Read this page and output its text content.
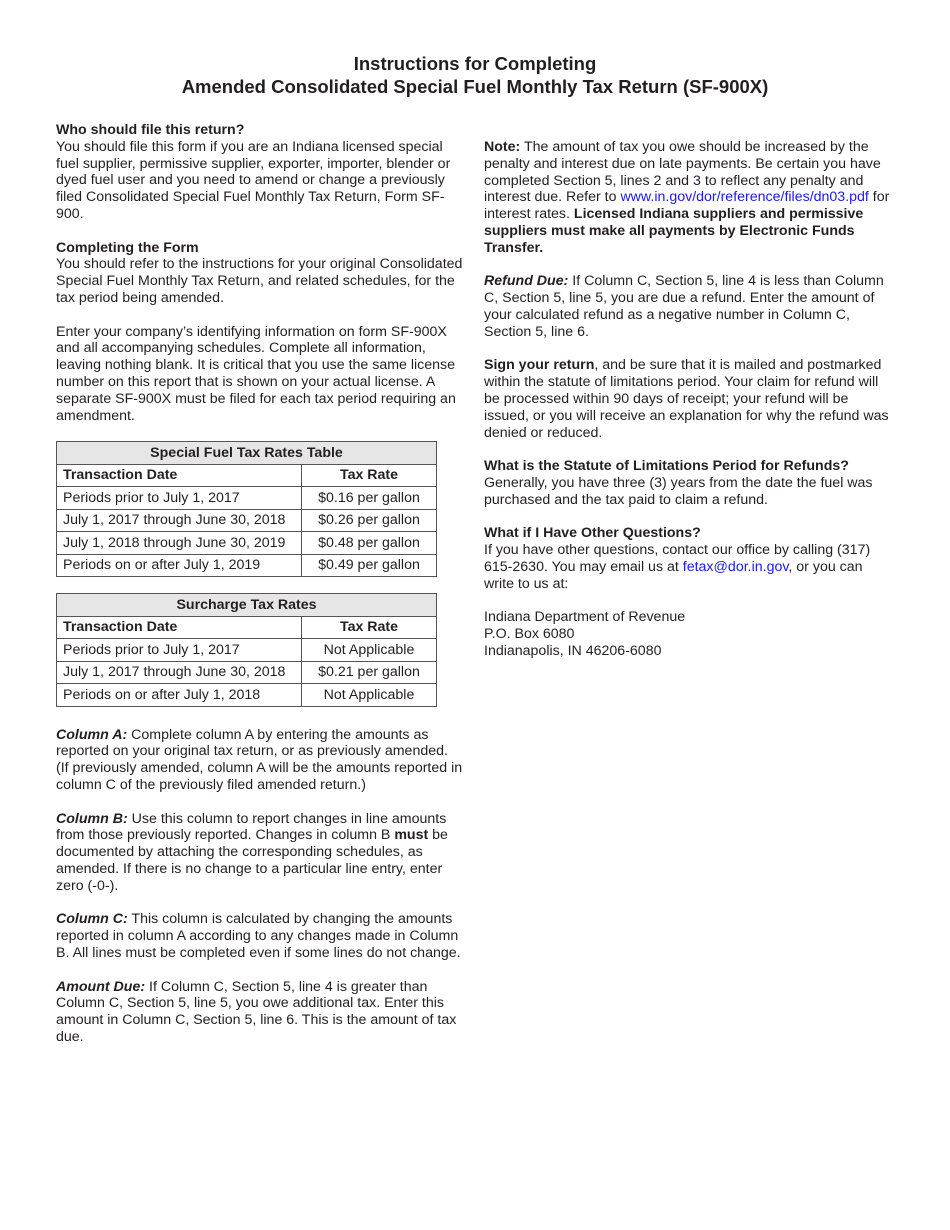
Instructions for Completing
Amended Consolidated Special Fuel Monthly Tax Return (SF-900X)

Who should file this return?
You should file this form if you are an Indiana licensed special fuel supplier, permissive supplier, exporter, importer, blender or dyed fuel user and you need to amend or change a previously filed Consolidated Special Fuel Monthly Tax Return, Form SF-900.

Completing the Form
You should refer to the instructions for your original Consolidated Special Fuel Monthly Tax Return, and related schedules, for the tax period being amended.

Enter your company’s identifying information on form SF-900X and all accompanying schedules. Complete all information, leaving nothing blank. It is critical that you use the same license number on this report that is shown on your actual license. A separate SF-900X must be filed for each tax period requiring an amendment.

Special Fuel Tax Rates Table	
Transaction Date	Tax Rate
Periods prior to July 1, 2017	$0.16 per gallon
July 1, 2017 through June 30, 2018	$0.26 per gallon
July 1, 2018 through June 30, 2019	$0.48 per gallon
Periods on or after July 1, 2019	$0.49 per gallon
Surcharge Tax Rates	
Transaction Date	Tax Rate
Periods prior to July 1, 2017	Not Applicable
July 1, 2017 through June 30, 2018	$0.21 per gallon
Periods on or after July 1, 2018	Not Applicable

Column A: Complete column A by entering the amounts as reported on your original tax return, or as previously amended. (If previously amended, column A will be the amounts reported in column C of the previously filed amended return.)

Column B: Use this column to report changes in line amounts from those previously reported. Changes in column B must be documented by attaching the corresponding schedules, as amended. If there is no change to a particular line entry, enter zero (-0-).

Column C: This column is calculated by changing the amounts reported in column A according to any changes made in Column B. All lines must be completed even if some lines do not change.

Amount Due: If Column C, Section 5, line 4 is greater than Column C, Section 5, line 5, you owe additional tax. Enter this amount in Column C, Section 5, line 6. This is the amount of tax due.

Note: The amount of tax you owe should be increased by the penalty and interest due on late payments. Be certain you have completed Section 5, lines 2 and 3 to reflect any penalty and interest due. Refer to www.in.gov/dor/reference/files/dn03.pdf for interest rates. Licensed Indiana suppliers and permissive suppliers must make all payments by Electronic Funds Transfer.

Refund Due: If Column C, Section 5, line 4 is less than Column C, Section 5, line 5, you are due a refund. Enter the amount of your calculated refund as a negative number in Column C, Section 5, line 6.

Sign your return, and be sure that it is mailed and postmarked within the statute of limitations period. Your claim for refund will be processed within 90 days of receipt; your refund will be issued, or you will receive an explanation for why the refund was denied or reduced.

What is the Statute of Limitations Period for Refunds?
Generally, you have three (3) years from the date the fuel was purchased and the tax paid to claim a refund.

What if I Have Other Questions?
If you have other questions, contact our office by calling (317) 615-2630. You may email us at fetax@dor.in.gov, or you can write to us at:

Indiana Department of Revenue
P.O. Box 6080
Indianapolis, IN 46206-6080
